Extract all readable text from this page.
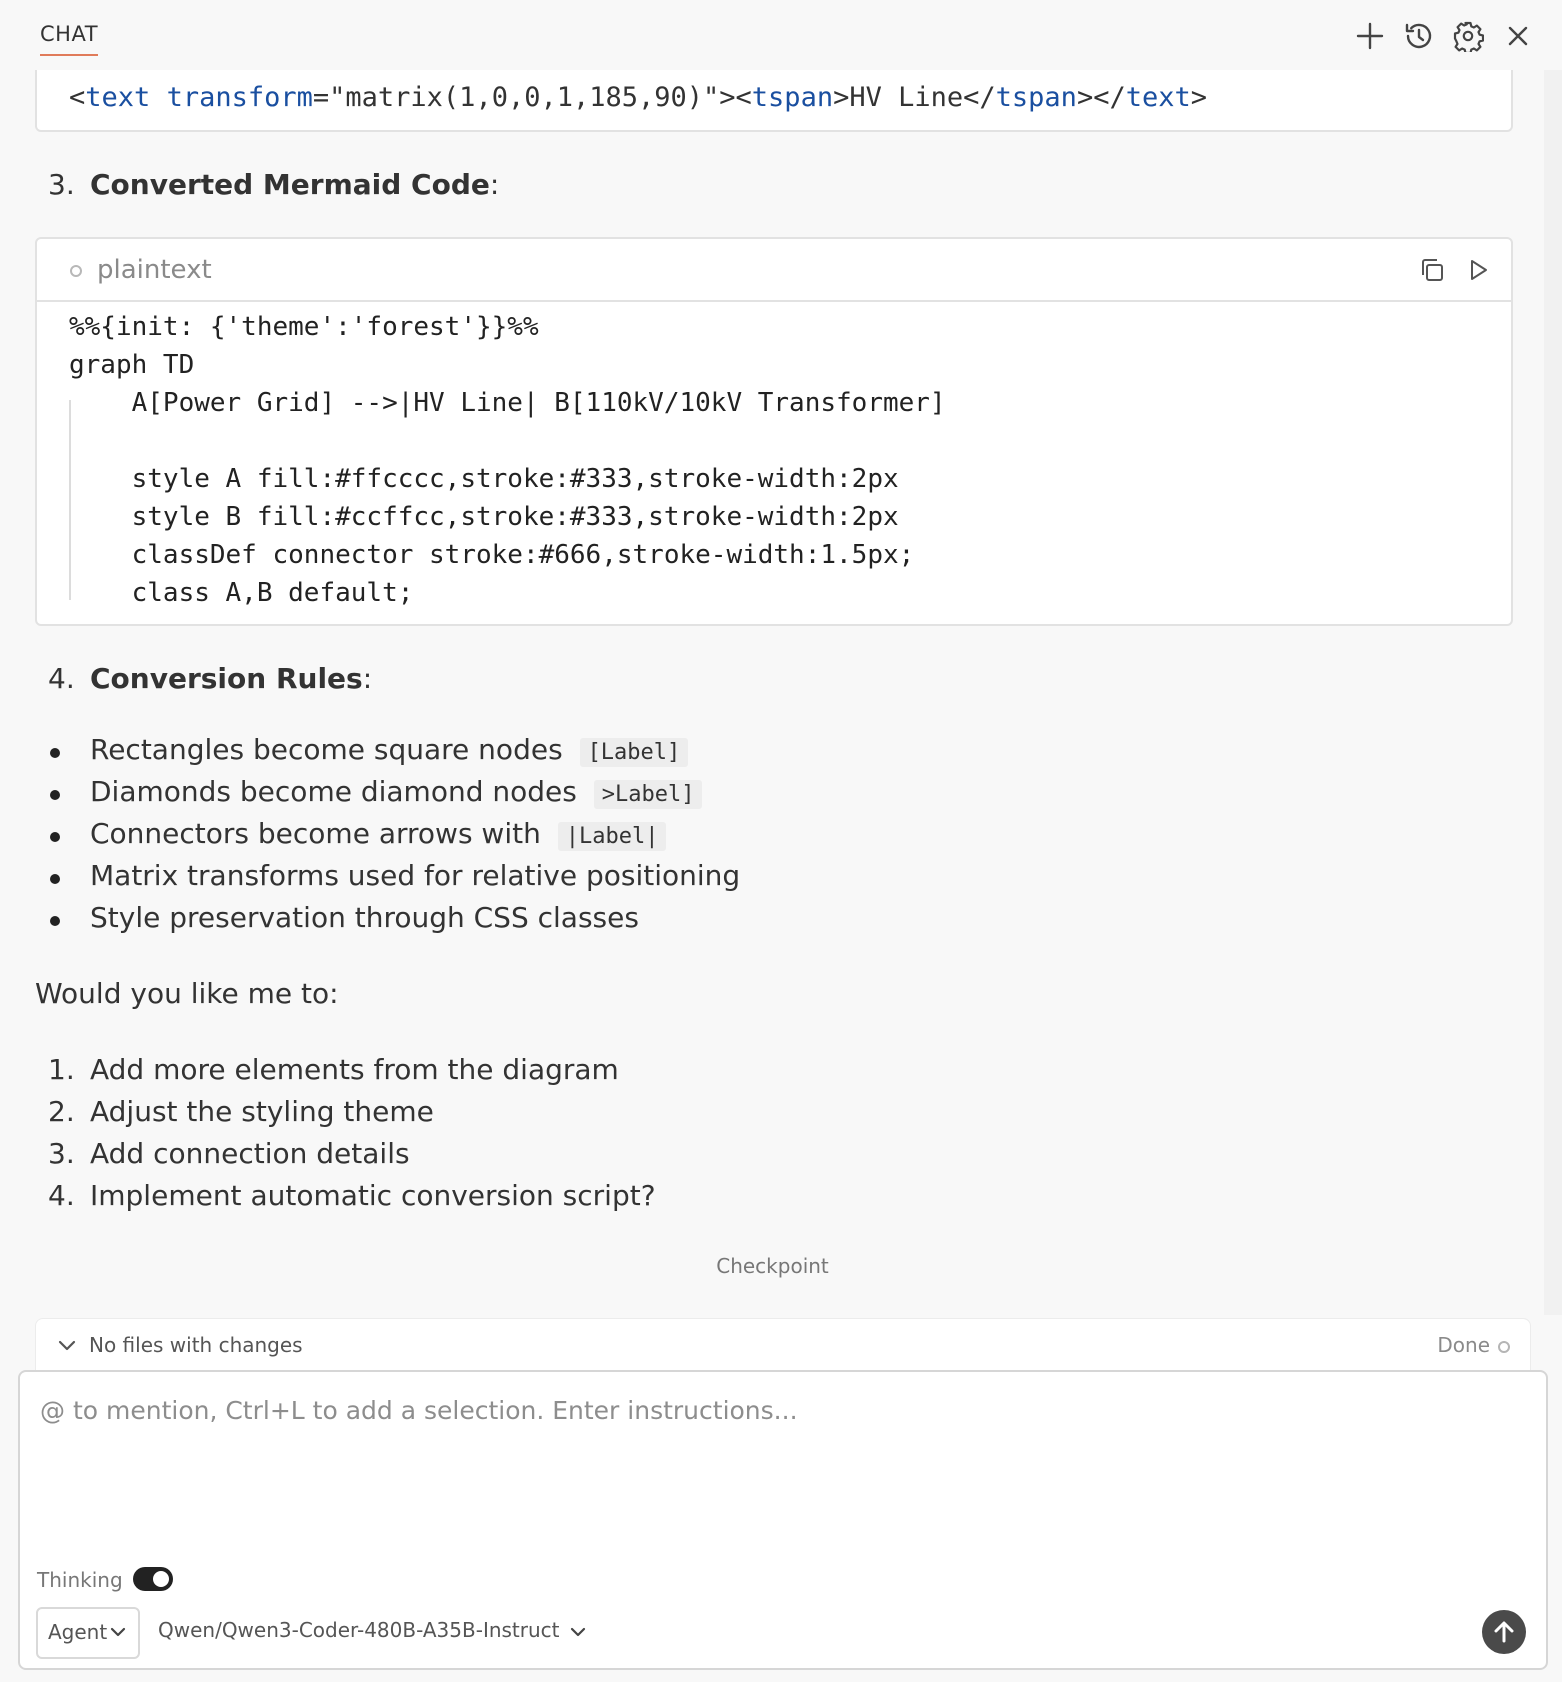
CHAT
<text transform="matrix(1,0,0,1,185,90)"><tspan>HV Line</tspan></text>
3. Converted Mermaid Code:
plaintext
%%{init: {'theme':'forest'}}%%
graph TD
A[Power Grid] -->|HV Line| B[110kV/10kV Transformer]
style A fill:#ffcccc,stroke:#333,stroke-width:2px
style B fill:#ccffcc,stroke:#333,stroke-width:2px
classDef connector stroke:#666,stroke-width:1.5px;
class A,B default;
4. Conversion Rules:
Rectangles become square nodes [Label]
Diamonds become diamond nodes >Label]
Connectors become arrows with |Label|
Matrix transforms used for relative positioning
Style preservation through CSS classes
Would you like me to:
1. Add more elements from the diagram
2. Adjust the styling theme
3. Add connection details
4. Implement automatic conversion script?
Checkpoint
No files with changes	Done
@ to mention, Ctrl+L to add a selection. Enter instructions...
Thinking
Agent	Qwen/Qwen3-Coder-480B-A35B-Instruct
